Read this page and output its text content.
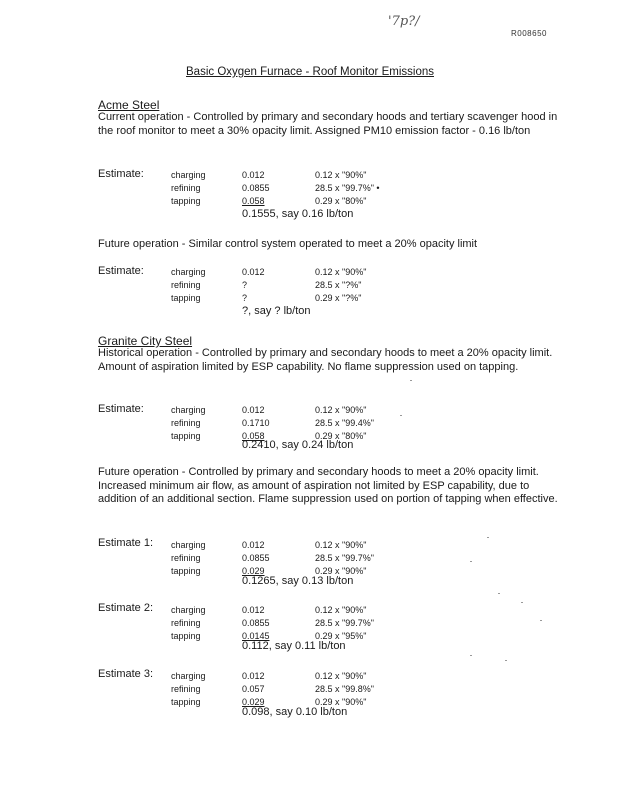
'7p?/
R008650
Basic Oxygen Furnace - Roof Monitor Emissions
Acme Steel
Current operation - Controlled by primary and secondary hoods and tertiary scavenger hood in the roof monitor to meet a 30% opacity limit. Assigned PM10 emission factor - 0.16 lb/ton
Estimate:	charging	0.012	0.12 x "90%"
refining	0.0855	28.5 x "99.7%" •
tapping	0.058	0.29 x "80%"
0.1555, say 0.16 lb/ton
Future operation - Similar control system operated to meet a 20% opacity limit
Estimate:	charging	0.012	0.12 x "90%"
refining	?	28.5 x "?%"
tapping	?	0.29 x "?%"
?, say ? lb/ton
Granite City Steel
Historical operation - Controlled by primary and secondary hoods to meet a 20% opacity limit. Amount of aspiration limited by ESP capability. No flame suppression used on tapping.
Estimate:	charging	0.012	0.12 x "90%"
refining	0.1710	28.5 x "99.4%"
tapping	0.058	0.29 x "80%"
0.2410, say 0.24 lb/ton
Future operation - Controlled by primary and secondary hoods to meet a 20% opacity limit. Increased minimum air flow, as amount of aspiration not limited by ESP capability, due to addition of an additional section. Flame suppression used on portion of tapping when effective.
Estimate 1: charging	0.012	0.12 x "90%"
refining	0.0855	28.5 x "99.7%"
tapping	0.029	0.29 x "90%"
0.1265, say 0.13 lb/ton
Estimate 2: charging	0.012	0.12 x "90%"
refining	0.0855	28.5 x "99.7%"
tapping	0.0145	0.29 x "95%"
0.112, say 0.11 lb/ton
Estimate 3: charging	0.012	0.12 x "90%"
refining	0.057	28.5 x "99.8%"
tapping	0.029	0.29 x "90%"
0.098, say 0.10 lb/ton
